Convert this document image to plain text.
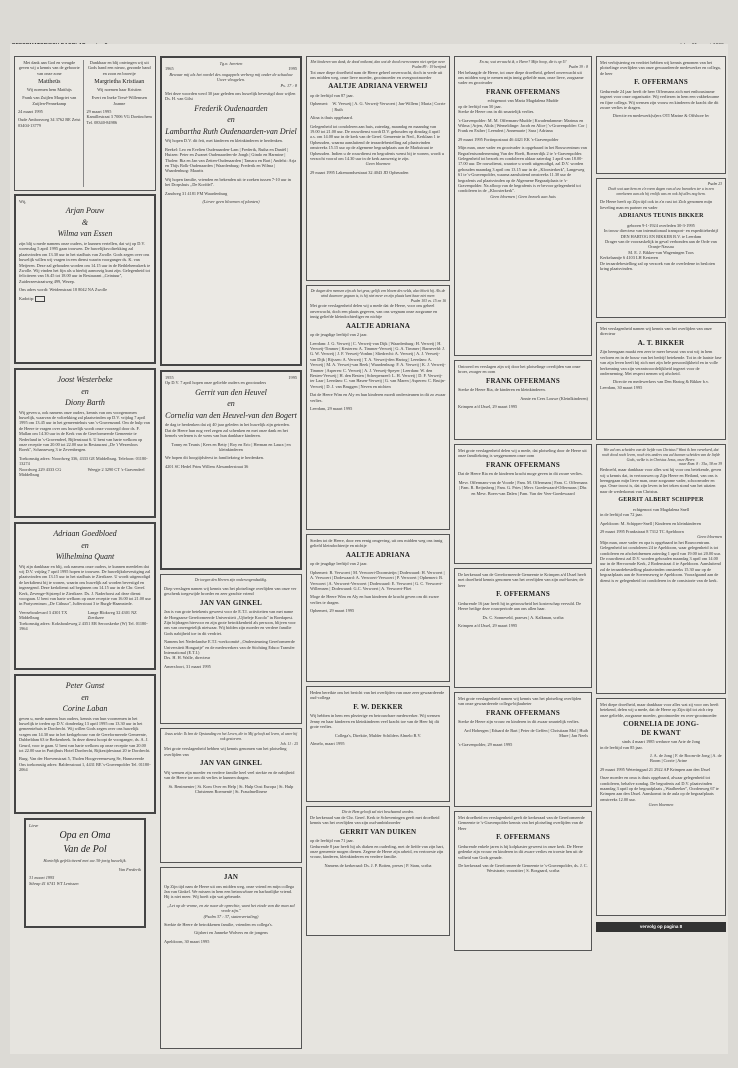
Met dank aan God en vreugde geven wij u kennis van de geboorte van onze zone
Mattheüs
Wij noemen hem Matthijs
Frank van Zuijlen Margriet van Zuijlen-Pennekamp
24 maart 1995
Oude Amborsweg 34 3762 BE Zeist 03404-13779
Dankbaar en blij ontvingen wij uit Gods hand een nieuw, gezonde band en zoon en broertje
Margrietha Kristiaan
Wij noemen haar Kristien
Evert en Ineke Tresé-Willemsen Joanne
29 maart 1995
Kamillestraat 3 7006 VG Doetinchem Tel. 08340-84986
Wij,
Arjan Pouw
&
Wilma van Essen
zijn blij u mede namens onze ouders, te kunnen vertellen, dat wij op D.V. woensdag 5 april 1995 gaan trouwen. De huwelijksvoltrekking zal plaatsvinden om 13.30 uur in het stadhuis van Zwolle. Gods zegen over ons huwelijk willen wij vragen in een dienst waarin voorganger ds. K. van Meijeren. Deze zal gehouden worden om 14.15 uur in de Bethlehemskerk te Zwolle. Wij vinden het fijn als u hierbij aanwezig kunt zijn. Gelegenheid tot feliciteren van 16.45 tot 18.00 uur in Restaurant ,,Ceintuur'', Zuiderzeestraatweg 499, Wezep.
Ons adres wordt: Weidenstraat 18 8042 NA Zwolle
Kadotip:
Joost Westerbeke
en
Diony Barth
Wij geven u, ook namens onze ouders, kennis van ons voorgenomen huwelijk, waarvan de voltrekking zal plaatsvinden op D.V. vrijdag 7 april 1995 om 13.45 uur in het gemeentehuis van 's-Gravenzand. Om de hulp van de Heere te vragen over ons huwelijk wordt onze voorzegd door ds. F. Mallan om 14.30 uur in de Kerk van de Gereformeerde Gemeente te Nederland in 's-Gravendeel, Bijlenstraat 6. U bent van harte welkom op onze receptie van 20.00 tot 22.00 uur in Restaurant ,,De 't Wezenloos Boerk'', Schanseweg 3 te Zevenbergen.
Toekomstig adres: Noordweg 336, 4333 GE Middelburg. Telefoon: 01180-13274
Noordweg 229 4333 CG Middelburg
Weegje 2 3290 CT 's-Gravendeel
Adriaan Goedbloed
en
Wilhelmina Quant
Wij zijn dankbaar en blij, ook namens onze ouders, te kunnen meedelen dat wij D.V. vrijdag 7 april 1995 hopen te trouwen. De huwelijksbevestiging zal plaatsvinden om 13.15 uur in het stadhuis te Zierikzee. U wordt uitgenodigd de kerkdienst bij te wonen, waarin ons huwelijk zal worden bevestigd en ingezegend. Deze kerkdienst zal beginnen om 14.15 uur in de Chr. Geref. Kerk, Zevenge-Sijsteepl te Zierikzee. Ds. J. Naderhorst zal deze dienst voorgaan. U bent van harte welkom op onze receptie van 16.00 tot 21.00 uur in Partycentrum ,,De Cithuur'', Jufferstraat 3 te Burgh-Haamstede.
Veerseboulevard 3 4301 TX Middelburg
Lange Blokweg 32 4301 NZ Zierikzee
Toekomstig adres: Koksbouleweg 2 4351 ER Serooskerke (W) Tel. 01180-1964
Peter Gunst
en
Corine Laban
geven u, mede namens hun ouders, kennis van hun voornemen in het huwelijk te treden op D.V. donderdag 13 april 1995 om 13.30 uur in het gemeentehuis te Dordrecht. Wij willen Gods zegen over ons huwelijk vragen om 14.30 uur in het kerkgebouw van de Gereformeerde Gemeente, Dubbeldam 63 te Berkenbeek. In deze dienst hoopt de voorganger, ds. A. J. Geurd, voor te gaan. U bent van harte welkom op onze receptie van 20.00 tot 22.00 uur in Partijhuis Hotel Dordrecht, Rijkezijdestraat 20 te Dordrecht.
Burg. Van der Hoevenstraat 5, Tholen Hoogeveenseweg 8e, Hamsveerde
Ons toekomstig adres: Baldersstraat 1, 4431 BE 's-Gravenpolder Tel. 01180-2064
Lieve
Opa en Oma
Van de Pol
Hartelijk gefeliciteerd met uw 30-jarig huwelijk.
Van Frederik
31 maart 1995
Sihrap 41 6741 WT Lenissen
Tg.n. heerten
1965	1995
Bewaar mij als het oordel des oogappels verberg mij onder de schaduw Uwer vleugelen.
Ps. 17 : 8
Met deze woorden werd 30 jaar geleden ons huwelijk bevestigd door wijlen Ds. H. van Gilst
Frederik Oudenaarden
en
Lambartha Ruth Oudenaarden-van Driel
Wij hopen D.V. dit feit, met kinderen en kleinkinderen te herdenken.
Beekel: Leo en Evelien Oudenaarden-Lam | Frederik, Rutha en Daniël | Huizen: Peter en Zwanet Oudenaarden-de Jongh | Gindo en Harmine | Tholen: Bia en Jan van Zetten-Oudenaarden | Tamara en Bart | Andelst: Arja en Thijs Bolk-Oudenaarden | Waardenburg: Frederik en Wilma | Waardenburg: Maarits
Wij hopen familie, vrienden en bekenden uit te zoeken tussen 7-10 uur in het Dorpshuis ,,De Korfdel''.
Zandweg 31 4181 FM Waardenburg
(Liever geen bloemen of planten)
1955	1995
Op D.V. 7 april hopen onze geliefde ouders en grootouders
Gerrit van den Heuvel
en
Cornelia van den Heuvel-van den Bogert
de dag te herdenken dat zij 40 jaar geleden in het huwelijk zijn getreden. Dat de Heere hun nog veel zegen zal schenken en met onze dank en het hemels verlenen is de wens van hun dankbare kinderen.
Tonny en Teunis | Kees en Betty | Roy en Eric | Herman en Laura | en kleinkinderen
We hopen dit hoogtijdsfeest in familiekring te herdenken.
4201 SC Hedel Prins Willem Alexanderstraat 36
De toegen den Heeren zijn onderwogendzaldig.
Diep verslagen namen wij kennis van het plotselinge overlijden van onze ver geschenk toegewijde broeder en zeer geachte vriend
JAN VAN GINKEL
Jan is van grote betekenis geweest voor de E.T.I. activiteiten van met name de Hongaarse Gereformeerde Universiteit ,,Ujbeleje Korolo'' in Boedapest. Zijn bijdragen hiervoor en zijn grote betrokkenheid als persoon, blijven voor ons van onvergetelijk nietwaar. Wij bidden zijn moeder en verdere familie Gods nabijheid toe in dit verdriet.
Namens het Nederlandse E.T.I.-werkcomité ,,Ondersteuning Gereformeerde Universiteit Hongarije'' en de medewerkers van de Stichting Educo Transfer International (E.T.I.)
Drs. H. H. Walle, directeur
Amersfoort, 31 maart 1995
Jezus zeide: Ik ben de Opstanding en het Leven, die in Mij gelooft zal leven, al ware hij ook gestorven.
Joh. 11 : 25
Met grote verslagenheid hebben wij kennis genomen van het plotseling overlijden van
JAN VAN GINKEL
Wij wensen zijn moeder en verdere familie heel veel sterkte en de nabijheid van de Heere toe om dit verlies te kunnen dragen.
St. Benimenter | St. Kom Over en Help | St. Hulp Oost Europa | St. Hulp Christenen Roemenië | St. Fraudmellinese
JAN
Op Zijn tijd nam de Heere uit ons midden weg, onze vriend en mijn collega Jan van Ginkel. We missen in hem een betrouwbare en harhartlijke vriend. Hij is niet meer. Wij hoeft zijn wat gebeurde.
,,Let op de vrome, en zie naar de oprechte, want het einde van die man zal vrede zijn.''
(Psalm 37 : 37, statenvertaling)
Sterkte de Heere de betrokkenen familie, vrienden en collega's.
Gijsbert en Janneke Wolvers en de jongens
Apeldoorn, 30 maart 1995
Met kinderen van dank, de dood ontkomt, dan wat de dood overwonnen niet oprijze neer.
Psalm 89 : 19 berijmd
Tot onze diepe droefheid nam de Heere geheel onverwacht, doch in vrede uit ons midden weg, onze lieve moeder, grootmoeder en overgrootmoeder
AALTJE ADRIANA VERWEIJ
op de leeftijd van 87 jaar.
Ophemert: W. Verweij | A. G. Verweij-Verwoert | Jan-Willem | Maria | Corrie | Ruth
Alina is thuis opgebaard.
Gelegenheid tot condoleren aan huis, zaterdag, maandag en maandag van 19.00 tot 21.00 uur. De rouwdienst wordt D.V. gehouden op dinsdag 4 april a.s. om 14.00 uur in de kerk van de Geref. Gemeente in Ned., Kerklaan 1 te Opheusden, waarna aansluitend de teraardebestelling zal plaatsvinden omstreeks 15.15 uur op de algemene begraafplaats aan de Markstraat te Opheusden. Indien u de rouwdienst en begrafenis wenst bij te wonen, wordt u verzocht vooraf om 14.30 uur in de kerk aanwezig te zijn.
Geen bloemen
29 maart 1995 Lakemondsestraat 32 4043 JD Opheusden
De dagen den mensen zijn als het gras; gelijk een bloem des velds, alzo bloeit hij. Als de wind daarover gegaan is, is hij niet meer en zijn plaats kent haar niet meer.
Psalm 103 vs. 15 en 16
Met grote verslagenheid delen wij u mede dat de Heere, voor ons geheel onverwacht, doch een plaats gegeven, van ons wegnam onze zorgzame en innig geliefde kleindochterliger en nichtje
AALTJE ADRIANA
op de jeugdige leeftijd van 2 jaar.
Leerdam: J. G. Verweij | C. Verweij-van Dijk | Waardenburg: H. Verweij | H. Verweij-Timmer | Kesteren: A. Timmer-Verweij | G. A. Timmer | Barneveld: J. G. W. Verweij | J. F. Verweij-Vonhm | Sliedrecht: A. Verweij | A. J. Verweij-van Dijk | Rijssen: A. Verweij | T. A. Verweij-den Hartog | Leerdam: A. Verweij | M. A. Verweij-van Beek | Waardenburg: F. A. Verweij | K. J. Verweij-Timmer | Asperen: C. Verweij | A. J. Verweij-Speyer | Leerdam: W. den Besten-Verweij | H. den Besten | Scherpenzeel: L. H. Verweij | D. F. Verweij-ter Laar | Leerdam: C. van Hasen-Verweij | G. van Maren | Asperen: C. Bruijn-Verweij | D. J. van Bruggen | Neven en nichten
Dat de Heere Wim en Aly en hun kinderen moedi ondersteunen in dit zo zwaar verlies.
Leerdam, 29 maart 1995
Steden tot de Heere, door een eenig omgeving, uit ons midden weg ons innig geliefd kleindochtertje en nichtje
AALTJE ADRIANA
op de jeugdige leeftijd van 2 jaar.
Ophemert: B. Verwoert | M. Verwoert-Doornsteijn | Dodewaard: H. Verwoert | A. Verwoert | Dodewaard: A. Verwoert-Verwoert | P. Verwoert | Ophemert: B. Verwoert | A. Verwoert-Verwoert | Dodewaard: E. Verwoert | G. C. Verwoert-Willemsen | Dodewaard: G.C. Verwoert | A. Verwoert-Fliet
Moge de Heere Wim en Aly en hun kinderen de kracht geven om dit zware verlies te dragen.
Ophemert, 29 maart 1995
Heden bereikte ons het bericht van het overlijden van onze zeer gewaardeerde oud-collega
F. W. DEKKER
Wij hebben in hem een plezierige en betrouwbare medewerker. Wij wensen Jenny en haar kinderen en kleinkinderen veel kracht toe van de Heer bij dit grote verlies.
Collega's, Direktie, Mulder Schilders Almelo B.V.
Almelo, maart 1995
Die in Hem gelooft zal niet beschaamd worden.
De kerkeraad van de Chr. Geref. Kerk te Scheveningen geeft met droefheid kennis van het overlijden van zijn oud-ambtsbroeder
GERRIT VAN DUIKEN
op de leeftijd van 71 jaar.
Gedurende 8 jaar heeft hij als diaken en ouderling, met de liefde van zijn hart, onze gemeente mogen dienen. Zegene de Heere zijn arbeid, en vertroeste zijn vrouw, kinderen, kleinkinderen en verdere familie.
Namens de kerkeraad: Ds. J. P. Boiten, preses | P. Stam, scriba
En nu, wat verwacht ik, o Heere? Mijn hoop, die is op U!
Psalm 39 : 8
Het behaagde de Heere, tot onze diepe droefheid, geheel onverwacht uit ons midden weg te nemen mijn innig geliefde man, onze lieve, zorgzame vader en grootvader
FRANK OFFERMANS
echtgenoot van Maria Magdalena Mudde
op de leeftijd van 50 jaar.
Sterke de Heere ons in dit smartelijk verlies.
's-Gravenpolder: M. M. Offermans-Mudde | Kwadendamme: Marinus en Wilma | Arjen, Alida | Wemeldinge: Jacob en Alice | 's-Gravenpolder: Cor | Frank en Esther | Leendert | Annemarie | Sara | Adriana
29 maart 1995 Fortinpostraat 46 4421 EK 's-Gravenpolder
Mijn man, onze vader en grootvader is opgebaard in het Rouwcentrum van Begrafenisonderneming Van der Hoeft, Boezerdijk 2 te 's-Gravenpolder. Gelegenheid tot bezoek en condoleren aldaar zaterdag 1 april van 18.00-17.00 uur. De rouwdienst, waartoe u wordt uitgenodigd, zal D.V. worden gehouden maandag 3 april om 13.15 uur in de ,,Kloosterkerk'', Langeweg 61 te 's-Gravenpolder, waarna aansluitend omstreeks 11.30 uur de begrafenis zal plaatsvinden op de Algemene Begraafplaats te 's-Gravenpolder. Na afloop van de begrafenis is er bevoor gelegenheid tot condoleren in de ,,Kloosterkerk''.
Geen bloemen | Geen bezoek aan huis
Ontroerd en verslagen zijn wij door het plotselinge overlijden van onze broer, zwager en oom
FRANK OFFERMANS
Sterke de Heere Ria, de kinderen en kleinkinderen.
Annie en Cees Louwe (Kleinlkinderen)
Krimpen a/d IJssel, 29 maart 1995
Met grote verslagenheid delen wij u mede, dat plotseling door de Heere uit onze familiekring is weggenomen onze oom
FRANK OFFERMANS
Dat de Heere Ria en de kinderen kracht moge geven in dit zware verlies.
Mevr. Offermans-van de Voorde | Fam. M. Offermans | Fam. C. Offermans | Fam. R. Reijnsberg | Fam. G. Pries | Mevr. Goedewaard-Offermans | Dhr. en Mevr. Boers-van Dalen | Fam. Van der Veer-Goedewaard
De kerkeraad van de Gereformeerde Gemeente te Krimpen a/d IJssel heeft met droefheid kennis genomen van het overlijden van zijn oud-koster, de heer
F. OFFERMANS
Gedurende 16 jaar heeft hij in getrouwheid het kosterschap vervuld. De Heere heilige deze rouwperiode aan ons allen haar.
Ds. C. Sonneveld, praeses | A. Kalkman, scriba
Krimpen a/d IJssel, 29 maart 1995
Met grote verslagenheid namen wij kennis van het plotseling overlijden van onze gewaardeerde collega-bijlaubeter
FRANK OFFERMANS
Sterke de Heere zijn vrouw en kinderen in dit zwaar smartelijk verlies.
Ard Hobergen | Eduard de Bart | Peter de Geffen | Christiaan Mol | Huib Mure | Jan Neels
's-Gravenpolder, 29 maart 1995
Met droefheid en verslagenheid geeft de kerkeraad van de Gereformeerde Gemeente te 's-Gravenpolder kennis van het plotseling overlijden van de Heer
F. OFFERMANS
Gedurende enkele jaren is hij kolpkaster geweest in onze kerk. De Heere gedenke zijn vrouw en kinderen in dit zware verlies en troeste hen uit de volheid van Gods genade.
De kerkeraad van de Gereformeerde Gemeente te 's-Gravenpolder, ds. J. C. Weststrate, voorzitter | S. Bosgaard, scriba
Met verbijstering en verdriet hebben wij kennis genomen van het plotselinge overlijden van onze gewaardeerde medewerker en collega, de heer
F. OFFERMANS
Gedurende 24 jaar heeft de heer Offermans zich met enthousiasme ingezet voor onze organisatie. Wij verliezen in hem een vakbekwame en fijne collega. Wij wensen zijn vrouw en kinderen de kracht die dit zware verlies te dragen.
Directie en medewerk(st)ers OTI Marine & Offshore bv
Psalm 23
Doch wat aan hem en z'n roem dagen van al uw bezoeken ter u in een onrekenen aan als hij vrolijk was en ook bij alles nog hem.
De Heere heeft op Zijn tijd ook in z'n rust tot Zich genomen mijn lieveling man en partner en vader
ADRIANUS TEUNIS BIKKER
geboren 9-1-1924 overleden 30-3-1995
In trouw directeur van internationaal transport- en expeditiebedrijf DEN HARTOG EN BIKKER B.V. te Leerdam
Drager van de voorzaskelijk in geval verbonden aan de Orde van Oranje-Nassau
M. E. J. Bikker-van Wageningen Toos
Kerkelaantje 6 4103 LH Kesteren
De teraardebestelling zal op verzoek van de overledene in besloten kring plaatsvinden.
Met verslagenheid namen wij kennis van het overlijden van onze directeur
A. T. BIKKER
Zijn heengaan maakt een zeer te meer bewust van wat wij in hem verloren en in de bouw van het bedrijf betekende. Tot in de laatste fase van zijn leven heeft hij zich met zijn hele persoonlijkheid en in volle herkenning van zijn verantwoordelijkheid ingezet voor de onderneming. Met respect nemen wij afscheid.
Directie en medewerkers van Den Hartog & Bikker b.v.
Leerdam, 30 maart 1995
Wie zal ons scheiden van de liefde van Christus? Want ik ben verzekerd, dat noch dood noch leven, noch iets anders ons zal kunnen scheiden van de liefde Gods, welke is in Christus Jezus, onze Heere.
naar Rom. 8 : 35a, 38 en 39
Bedroefd, maar dankbaar voor alles wat hij voor ons betekende, geven wij u kennis dat, in vertrouwen op Zijn Heere en Heiland, van ons is heengegaan mijn lieve man, onze zorgzame vader, schoonvader en opa. Onze troost is, dat zijn leven in het teken stond van het uitzien naar de wederkomst van Christus.
GERRIT ALBERT SCHIPPER
echtgenoot van Magdalena Snell
in de leeftijd van 72 jaar.
Apeldoorn: M. Schipper-Snell | Kinderen en kleinkinderen
29 maart 1995 Frankstraat 8 7312 TC Apeldoorn
Geen bloemen
Mijn man, onze vader en opa is opgebaard in het Rouwcentrum. Gelegenheid tot condoleren 24 te Apeldoorn, waar gelegenheid is tot condoleren en afscheidnemen zaterdag 1 april van 19.00 tot 20.00 uur. De rouwdienst zal D.V. worden gehouden maandag 3 april om 14.00 uur in de Hervormde Kerk, 2 Rodenstraat 4 te Apeldoorn. Aansluitend zal de teraardebestelling plaatsvinden omstreeks 15.30 uur op de begraafplaats aan de Soerenseweg te Apeldoorn. Voorafgaand aan de dienst is er gelegenheid tot condoleren in de consistorie van de kerk.
Met diepe droefheid, maar dankbaar voor alles wat zij voor ons heeft betekend, delen wij u mede, dat de Heere op Zijn tijd tot zich riep onze geliefde, zorgzame moeder, grootmoeder en over-grootmoeder
CORNELIA DE JONG-
DE KWANT
sinds 4 maart 1985 weduwe van Arie de Jong
in de leeftijd van 85 jaar.
J. A. de Jong | F. de Boom-de Jong | A. de Boom | Corrie | Arine
29 maart 1995 Weteringpad 21 2922 AP Krimpen aan den IJssel
Onze moeder en oma is thuis opgebaard, alwaar gelegenheid tot condoleren, behalve zondag. De begrafenis zal D.V. plaatsvinden maandag 3 april op de begraafplaats ,,Waalbeeker'', Oordenweg 67 te Krimpen aan den IJssel. Aanskomst in de aula op de begraafplaats omstreeks 12.00 uur.
Geen bloemen
vervolg op pagina 8
